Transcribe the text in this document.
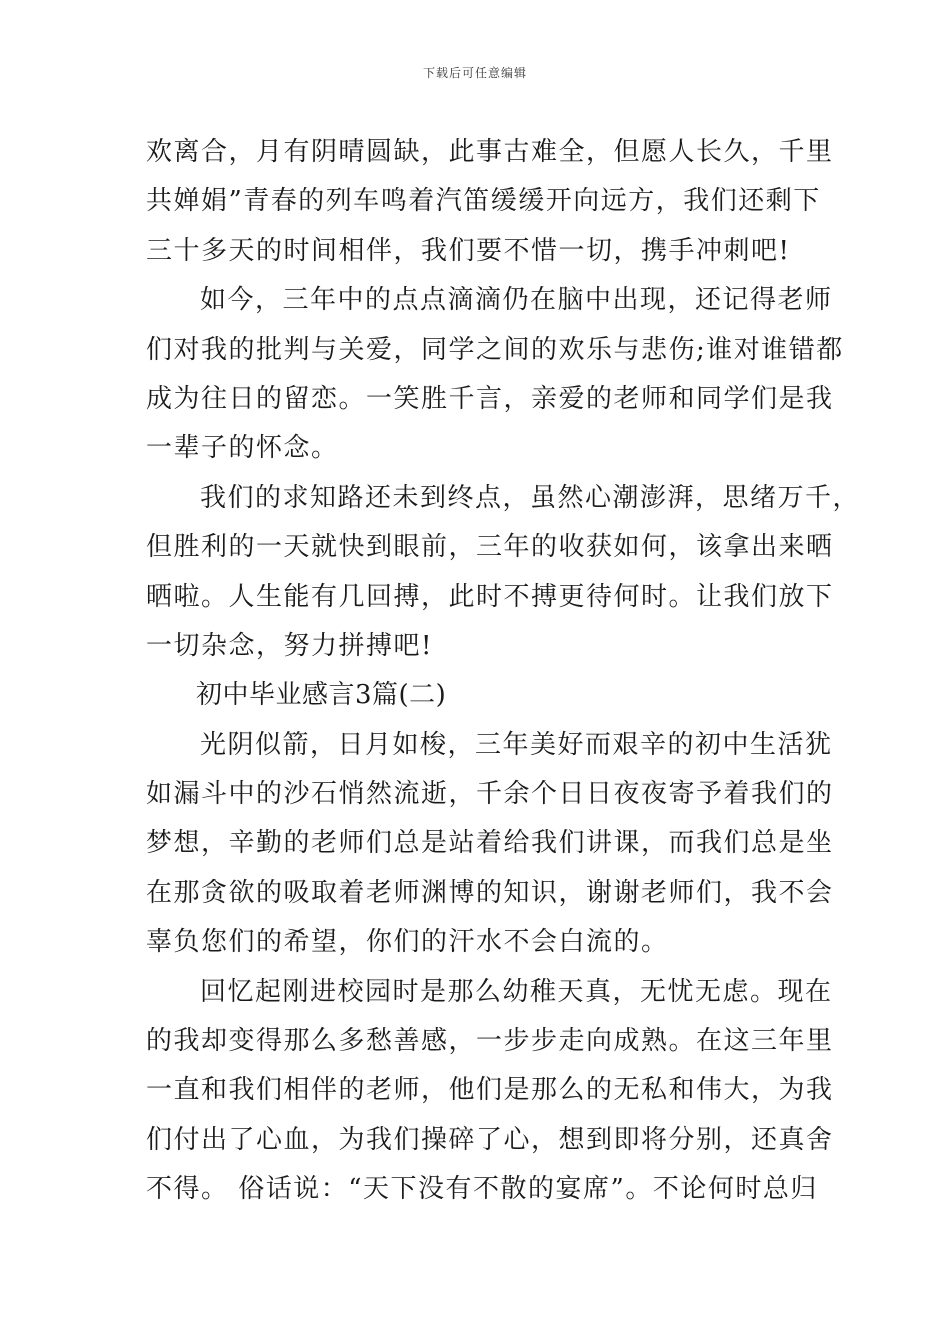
下载后可任意编辑
欢离合，月有阴晴圆缺，此事古难全，但愿人长久，千里
共婵娟”青春的列车鸣着汽笛缓缓开向远方，我们还剩下
三十多天的时间相伴，我们要不惜一切，携手冲刺吧!
如今，三年中的点点滴滴仍在脑中出现，还记得老师
们对我的批判与关爱，同学之间的欢乐与悲伤;谁对谁错都
成为往日的留恋。一笑胜千言，亲爱的老师和同学们是我
一辈子的怀念。
我们的求知路还未到终点，虽然心潮澎湃，思绪万千，
但胜利的一天就快到眼前，三年的收获如何，该拿出来晒
晒啦。人生能有几回搏，此时不搏更待何时。让我们放下
一切杂念，努力拼搏吧!
初中毕业感言3篇(二)
光阴似箭，日月如梭，三年美好而艰辛的初中生活犹
如漏斗中的沙石悄然流逝，千余个日日夜夜寄予着我们的
梦想，辛勤的老师们总是站着给我们讲课，而我们总是坐
在那贪欲的吸取着老师渊博的知识，谢谢老师们，我不会
辜负您们的希望，你们的汗水不会白流的。
回忆起刚进校园时是那么幼稚天真，无忧无虑。现在
的我却变得那么多愁善感，一步步走向成熟。在这三年里
一直和我们相伴的老师，他们是那么的无私和伟大，为我
们付出了心血，为我们操碎了心，想到即将分别，还真舍
不得。 俗话说：“天下没有不散的宴席”。不论何时总归
